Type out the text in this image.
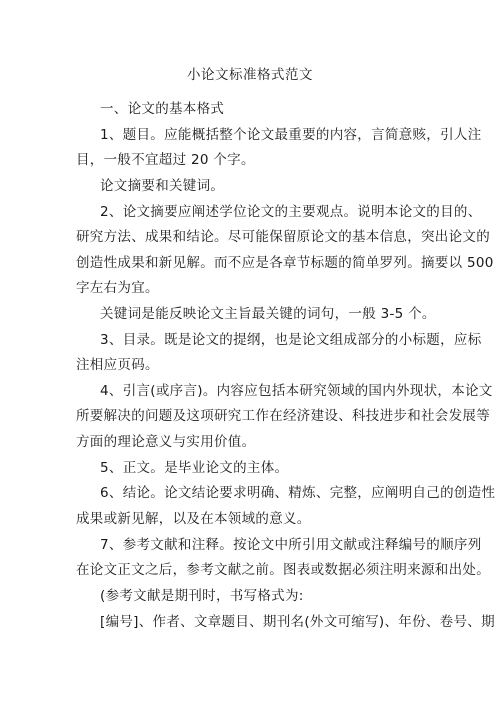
小论文标准格式范文
一、论文的基本格式
1、题目。应能概括整个论文最重要的内容，言简意赅，引人注
目，一般不宜超过 20 个字。
论文摘要和关键词。
2、论文摘要应阐述学位论文的主要观点。说明本论文的目的、
研究方法、成果和结论。尽可能保留原论文的基本信息，突出论文的
创造性成果和新见解。而不应是各章节标题的简单罗列。摘要以 500
字左右为宜。
关键词是能反映论文主旨最关键的词句，一般 3-5 个。
3、目录。既是论文的提纲，也是论文组成部分的小标题，应标
注相应页码。
4、引言(或序言)。内容应包括本研究领域的国内外现状，本论文
所要解决的问题及这项研究工作在经济建设、科技进步和社会发展等
方面的理论意义与实用价值。
5、正文。是毕业论文的主体。
6、结论。论文结论要求明确、精炼、完整，应阐明自己的创造性
成果或新见解，以及在本领域的意义。
7、参考文献和注释。按论文中所引用文献或注释编号的顺序列
在论文正文之后，参考文献之前。图表或数据必须注明来源和出处。
(参考文献是期刊时，书写格式为:
[编号]、作者、文章题目、期刊名(外文可缩写)、年份、卷号、期
